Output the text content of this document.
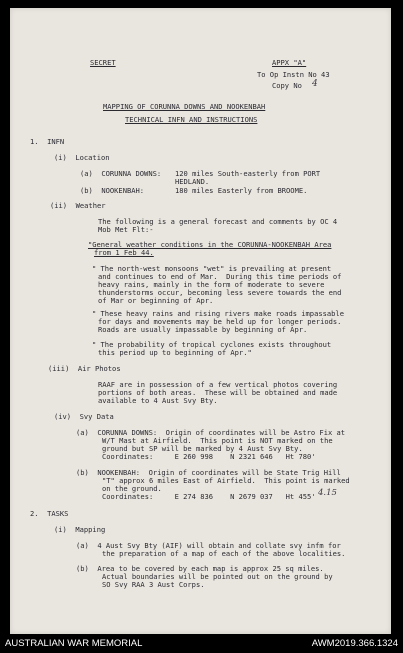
SECRET	APPX "A"
To Op Instn No 43
Copy No 4
MAPPING OF CORUNNA DOWNS AND NOOKENBAH
TECHNICAL INFN AND INSTRUCTIONS
1.  INFN
(i)  Location
(a)  CORUNNA DOWNS: 120 miles South-easterly from PORT
HEDLAND.
(b)  NOOKENBAH:	180 miles Easterly from BROOME.
(ii)  Weather
The following is a general forecast and comments by OC 4
Mob Met Flt:-
"General weather conditions in the CORUNNA-NOOKENBAH Area
from 1 Feb 44.
" The north-west monsoons "wet" is prevailing at present
and continues to end of Mar.  During this time periods of
heavy rains, mainly in the form of moderate to severe
thunderstorms occur, becoming less severe towards the end
of Mar or beginning of Apr.
" These heavy rains and rising rivers make roads impassable
for days and movements may be held up for longer periods.
Roads are usually impassable by beginning of Apr.
" The probability of tropical cyclones exists throughout
this period up to beginning of Apr."
(iii)  Air Photos
RAAF are in possession of a few vertical photos covering
portions of both areas.  These will be obtained and made
available to 4 Aust Svy Bty.
(iv)  Svy Data
(a)  CORUNNA DOWNS:  Origin of coordinates will be Astro Fix at
W/T Mast at Airfield.  This point is NOT marked on the
ground but SP will be marked by 4 Aust Svy Bty.
Coordinates:     E 260 998    N 2321 646   Ht 780'
(b)  NOOKENBAH:  Origin of coordinates will be State Trig Hill
"T" approx 6 miles East of Airfield.  This point is marked
on the ground.
Coordinates:     E 274 836    N 2679 037   Ht 455' 4.15
2.  TASKS
(i)  Mapping
(a)  4 Aust Svy Bty (AIF) will obtain and collate svy infm for
the preparation of a map of each of the above localities.
(b)  Area to be covered by each map is approx 25 sq miles.
Actual boundaries will be pointed out on the ground by
SO Svy RAA 3 Aust Corps.
AUSTRALIAN WAR MEMORIAL	AWM2019.366.1324
